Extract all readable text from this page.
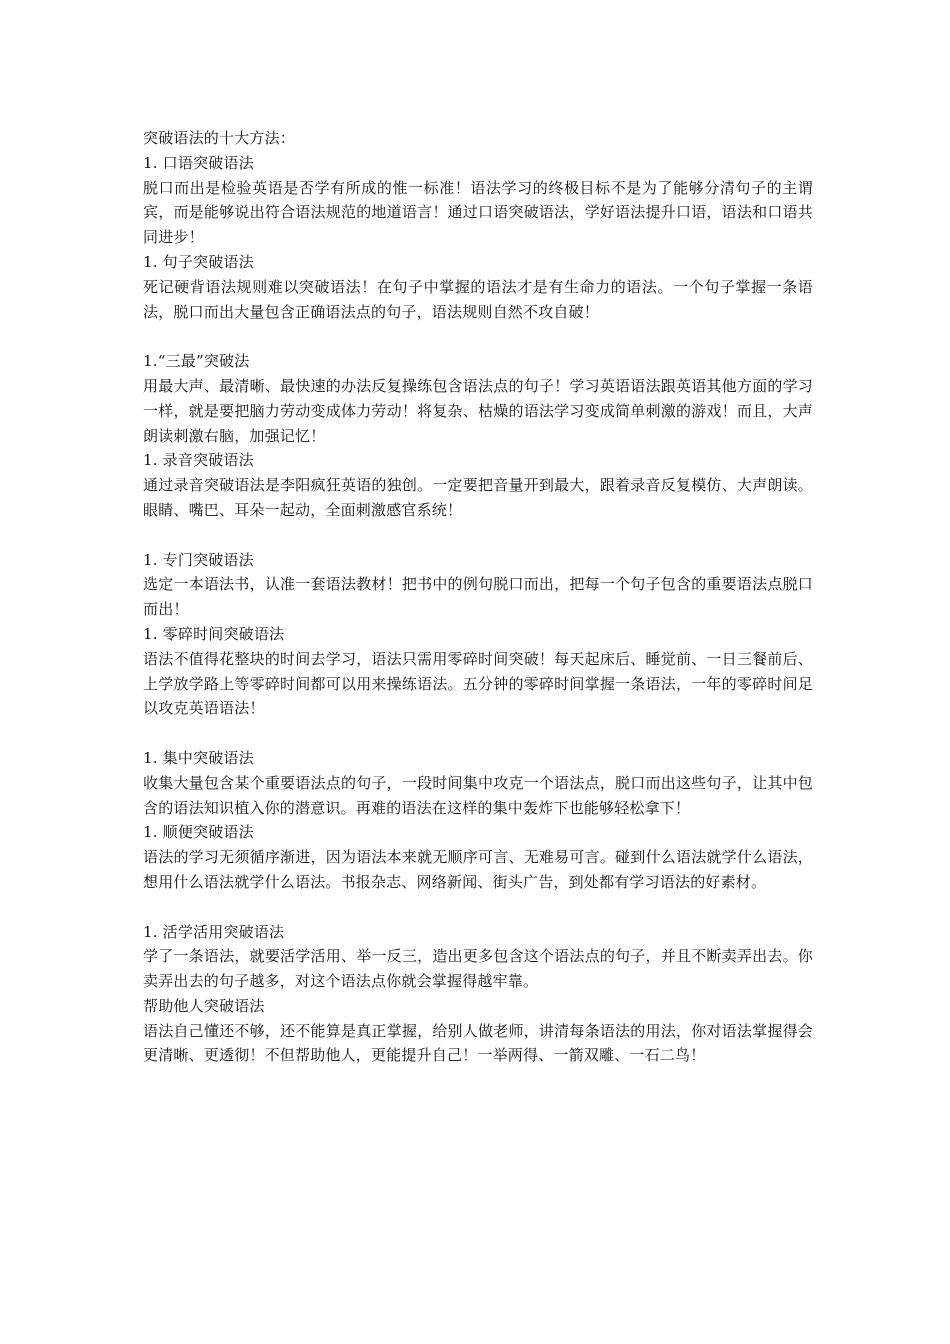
突破语法的十大方法：

1. 口语突破语法

脱口而出是检验英语是否学有所成的惟一标准！语法学习的终极目标不是为了能够分清句子的主谓宾，而是能够说出符合语法规范的地道语言！通过口语突破语法，学好语法提升口语，语法和口语共同进步！

1. 句子突破语法

死记硬背语法规则难以突破语法！在句子中掌握的语法才是有生命力的语法。一个句子掌握一条语法，脱口而出大量包含正确语法点的句子，语法规则自然不攻自破！

1.“三最”突破法

用最大声、最清晰、最快速的办法反复操练包含语法点的句子！学习英语语法跟英语其他方面的学习一样，就是要把脑力劳动变成体力劳动！将复杂、枯燥的语法学习变成简单刺激的游戏！而且，大声朗读刺激右脑，加强记忆！

1. 录音突破语法

通过录音突破语法是李阳疯狂英语的独创。一定要把音量开到最大，跟着录音反复模仿、大声朗读。眼睛、嘴巴、耳朵一起动，全面刺激感官系统！

1. 专门突破语法

选定一本语法书，认准一套语法教材！把书中的例句脱口而出，把每一个句子包含的重要语法点脱口而出！

1. 零碎时间突破语法

语法不值得花整块的时间去学习，语法只需用零碎时间突破！每天起床后、睡觉前、一日三餐前后、上学放学路上等零碎时间都可以用来操练语法。五分钟的零碎时间掌握一条语法，一年的零碎时间足以攻克英语语法！

1. 集中突破语法

收集大量包含某个重要语法点的句子，一段时间集中攻克一个语法点，脱口而出这些句子，让其中包含的语法知识植入你的潜意识。再难的语法在这样的集中轰炸下也能够轻松拿下！

1. 顺便突破语法

语法的学习无须循序渐进，因为语法本来就无顺序可言、无难易可言。碰到什么语法就学什么语法，想用什么语法就学什么语法。书报杂志、网络新闻、街头广告，到处都有学习语法的好素材。

1. 活学活用突破语法

学了一条语法，就要活学活用、举一反三，造出更多包含这个语法点的句子，并且不断卖弄出去。你卖弄出去的句子越多，对这个语法点你就会掌握得越牢靠。

帮助他人突破语法

语法自己懂还不够，还不能算是真正掌握，给别人做老师，讲清每条语法的用法，你对语法掌握得会更清晰、更透彻！不但帮助他人，更能提升自己！一举两得、一箭双雕、一石二鸟！
